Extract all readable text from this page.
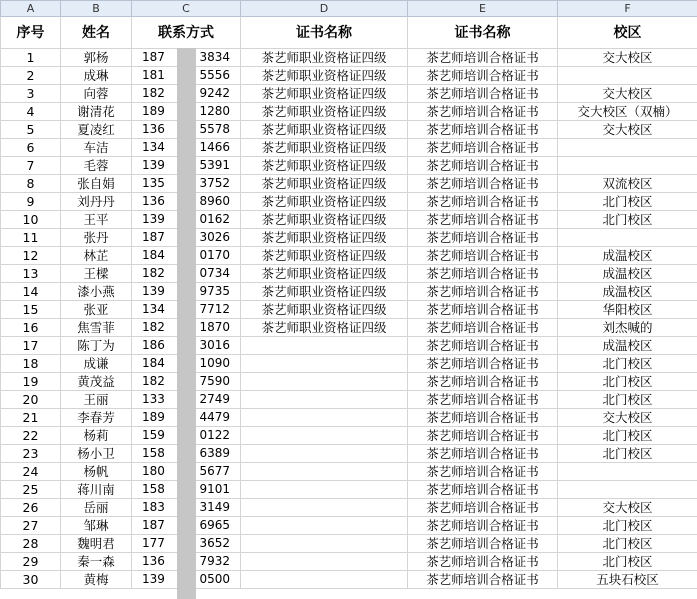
A	B	C	D	E	F
序号	姓名	联系方式	证书名称	证书名称	校区
1	郭杨	187 3834	茶艺师职业资格证四级	茶艺师培训合格证书	交大校区
2	成琳	181 5556	茶艺师职业资格证四级	茶艺师培训合格证书	
3	向蓉	182 9242	茶艺师职业资格证四级	茶艺师培训合格证书	交大校区
4	谢清花	189 1280	茶艺师职业资格证四级	茶艺师培训合格证书	交大校区（双楠）
5	夏凌红	136 5578	茶艺师职业资格证四级	茶艺师培训合格证书	交大校区
6	车洁	134 1466	茶艺师职业资格证四级	茶艺师培训合格证书	
7	毛蓉	139 5391	茶艺师职业资格证四级	茶艺师培训合格证书	
8	张自娟	135 3752	茶艺师职业资格证四级	茶艺师培训合格证书	双流校区
9	刘丹丹	136 8960	茶艺师职业资格证四级	茶艺师培训合格证书	北门校区
10	王平	139 0162	茶艺师职业资格证四级	茶艺师培训合格证书	北门校区
11	张丹	187 3026	茶艺师职业资格证四级	茶艺师培训合格证书	
12	林芷	184 0170	茶艺师职业资格证四级	茶艺师培训合格证书	成温校区
13	王樑	182 0734	茶艺师职业资格证四级	茶艺师培训合格证书	成温校区
14	漆小燕	139 9735	茶艺师职业资格证四级	茶艺师培训合格证书	成温校区
15	张亚	134 7712	茶艺师职业资格证四级	茶艺师培训合格证书	华阳校区
16	焦雪菲	182 1870	茶艺师职业资格证四级	茶艺师培训合格证书	刘杰喊的
17	陈丁为	186 3016		茶艺师培训合格证书	成温校区
18	成谦	184 1090		茶艺师培训合格证书	北门校区
19	黄茂益	182 7590		茶艺师培训合格证书	北门校区
20	王丽	133 2749		茶艺师培训合格证书	北门校区
21	李春芳	189 4479		茶艺师培训合格证书	交大校区
22	杨莉	159 0122		茶艺师培训合格证书	北门校区
23	杨小卫	158 6389		茶艺师培训合格证书	北门校区
24	杨帆	180 5677		茶艺师培训合格证书	
25	蒋川南	158 9101		茶艺师培训合格证书	
26	岳丽	183 3149		茶艺师培训合格证书	交大校区
27	邹琳	187 6965		茶艺师培训合格证书	北门校区
28	魏明君	177 3652		茶艺师培训合格证书	北门校区
29	秦一森	136 7932		茶艺师培训合格证书	北门校区
30	黄梅	139 0500		茶艺师培训合格证书	五块石校区
